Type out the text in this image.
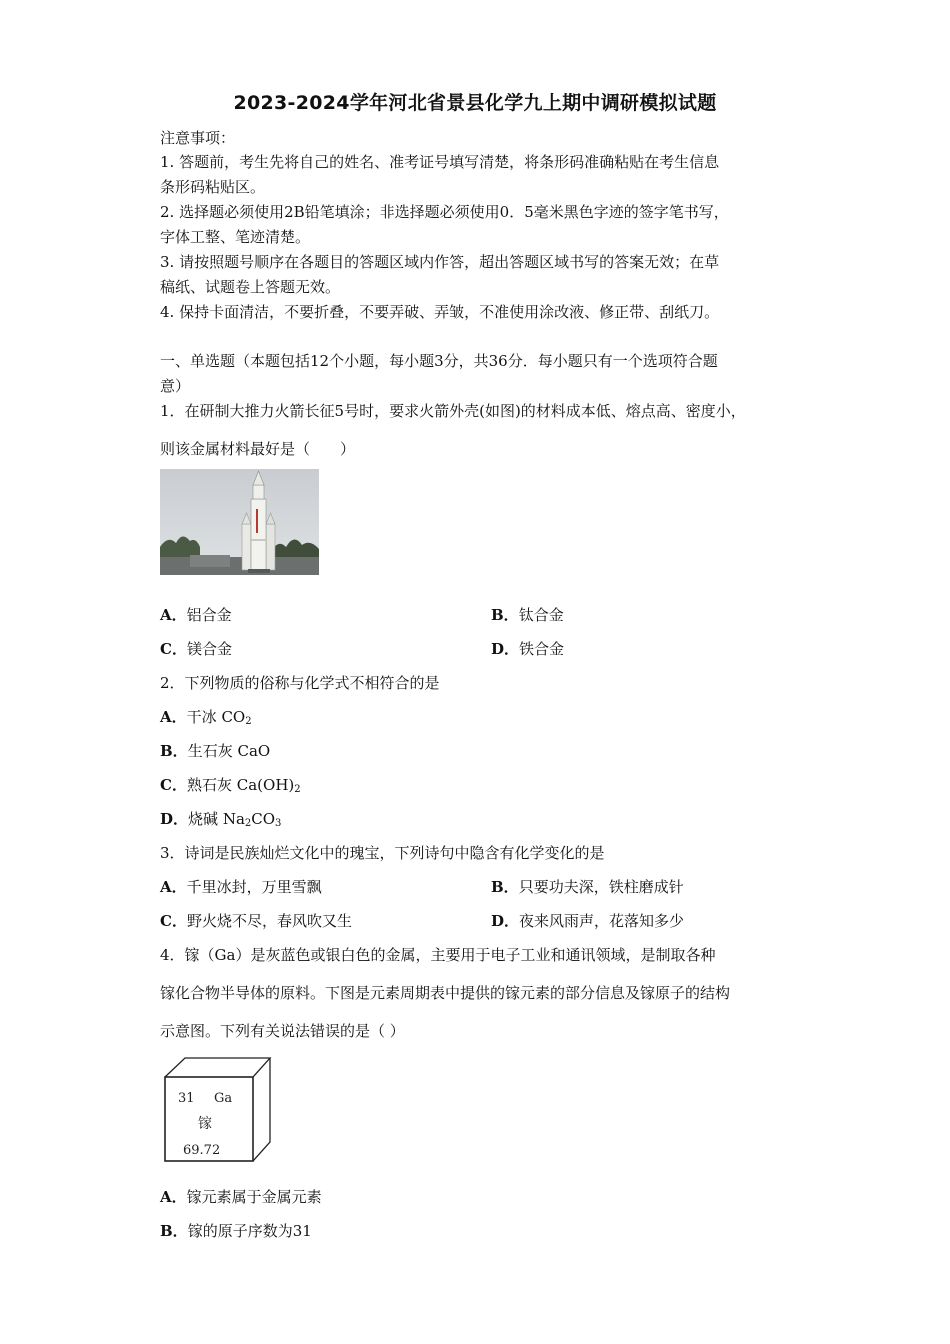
2023-2024学年河北省景县化学九上期中调研模拟试题
注意事项：
1. 答题前，考生先将自己的姓名、准考证号填写清楚，将条形码准确粘贴在考生信息
条形码粘贴区。
2. 选择题必须使用2B铅笔填涂；非选择题必须使用0．5毫米黑色字迹的签字笔书写，
字体工整、笔迹清楚。
3. 请按照题号顺序在各题目的答题区域内作答，超出答题区域书写的答案无效；在草
稿纸、试题卷上答题无效。
4. 保持卡面清洁，不要折叠，不要弄破、弄皱，不准使用涂改液、修正带、刮纸刀。
一、单选题（本题包括12个小题，每小题3分，共36分．每小题只有一个选项符合题
意）
1．在研制大推力火箭长征5号时，要求火箭外壳(如图)的材料成本低、熔点高、密度小，
则该金属材料最好是（　　）
A．铝合金	B．钛合金
C．镁合金	D．铁合金
2．下列物质的俗称与化学式不相符合的是
A．干冰 $CO_2$
B．生石灰 CaO
C．熟石灰 $Ca(OH)_2$
D．烧碱 $Na_2CO_3$
3．诗词是民族灿烂文化中的瑰宝，下列诗句中隐含有化学变化的是
A．千里冰封，万里雪飘	B．只要功夫深，铁柱磨成针
C．野火烧不尽，春风吹又生	D．夜来风雨声，花落知多少
4．镓（Ga）是灰蓝色或银白色的金属，主要用于电子工业和通讯领域，是制取各种
镓化合物半导体的原料。下图是元素周期表中提供的镓元素的部分信息及镓原子的结构
示意图。下列有关说法错误的是（ ）
31 Ga
镓
69.72
A．镓元素属于金属元素
B．镓的原子序数为31
